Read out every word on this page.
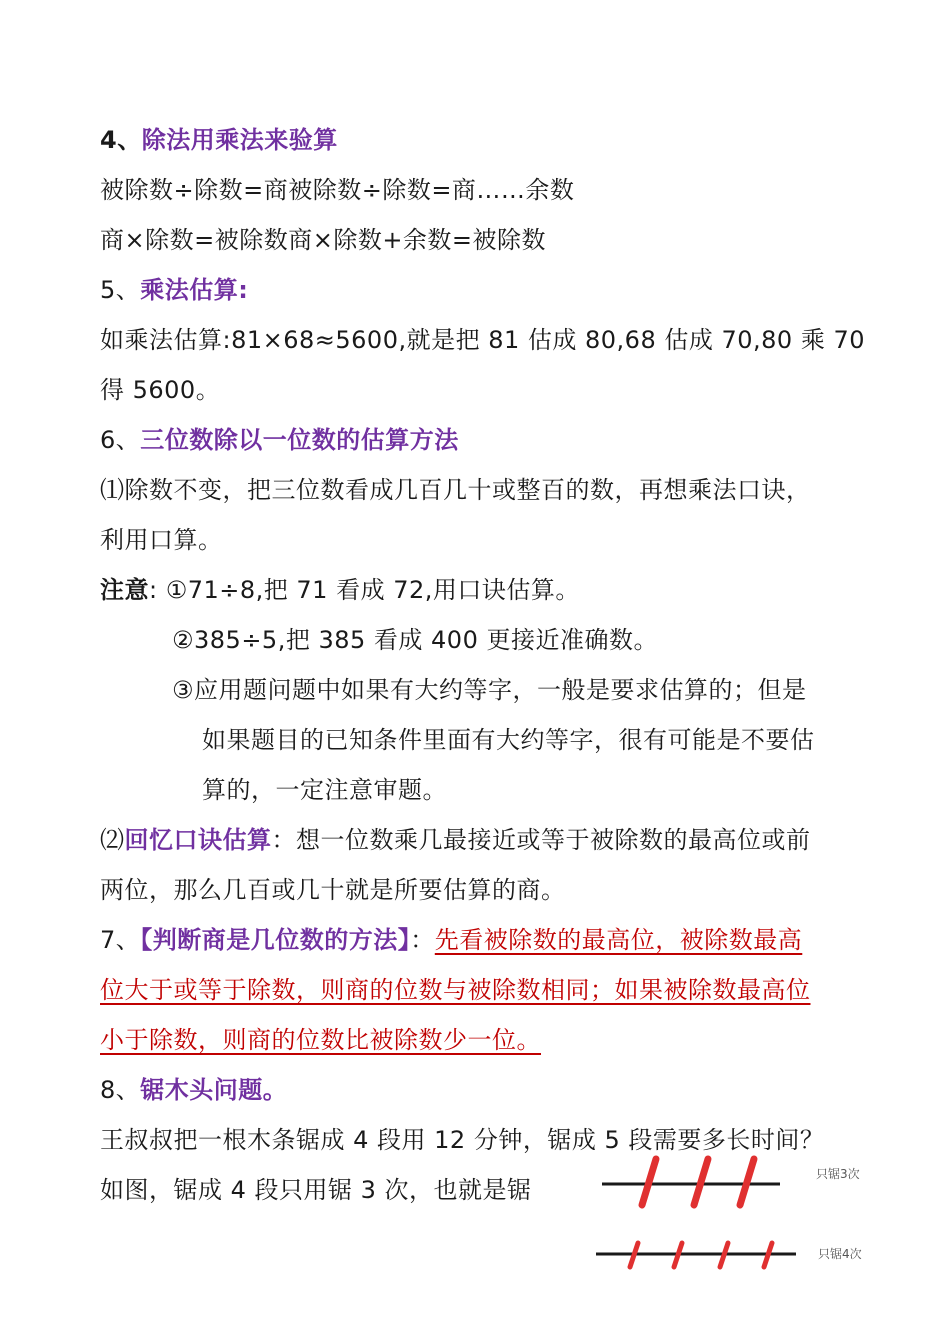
4、除法用乘法来验算
被除数÷除数=商被除数÷除数=商……余数
商×除数=被除数商×除数+余数=被除数
5、乘法估算:
如乘法估算:81×68≈5600,就是把 81 估成 80,68 估成 70,80 乘 70
得 5600。
6、三位数除以一位数的估算方法
⑴除数不变，把三位数看成几百几十或整百的数，再想乘法口诀，
利用口算。
注意: ①71÷8,把 71 看成 72,用口诀估算。
②385÷5,把 385 看成 400 更接近准确数。
③应用题问题中如果有大约等字，一般是要求估算的；但是
如果题目的已知条件里面有大约等字，很有可能是不要估
算的，一定注意审题。
⑵回忆口诀估算：想一位数乘几最接近或等于被除数的最高位或前
两位，那么几百或几十就是所要估算的商。
7、【判断商是几位数的方法】：先看被除数的最高位，被除数最高
位大于或等于除数，则商的位数与被除数相同；如果被除数最高位
小于除数，则商的位数比被除数少一位。
8、锯木头问题。
王叔叔把一根木条锯成 4 段用 12 分钟，锯成 5 段需要多长时间？
如图，锯成 4 段只用锯 3 次，也就是锯
只锯3次
只锯4次
